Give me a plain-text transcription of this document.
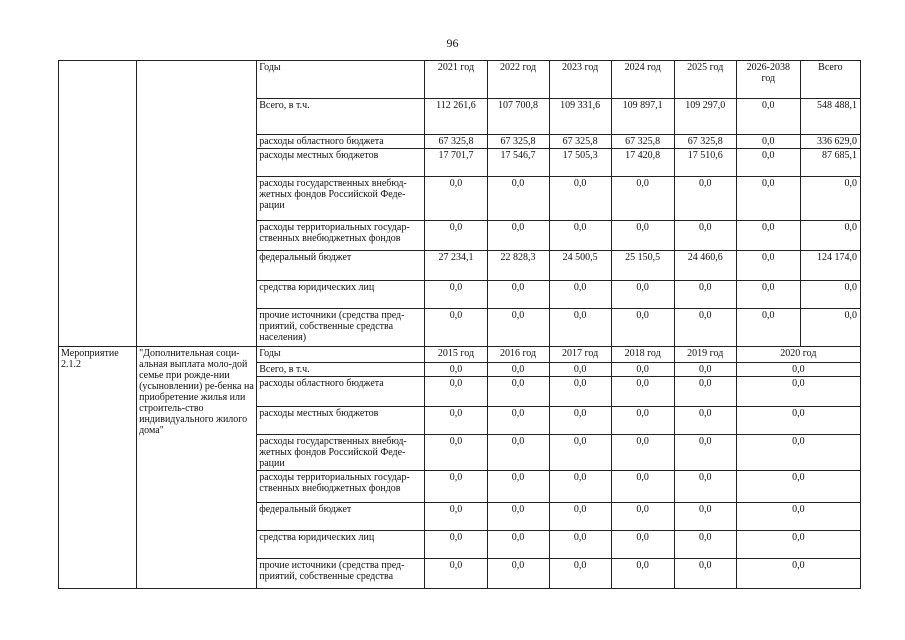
96
		Годы	2021 год	2022 год	2023 год	2024 год	2025 год	2026-2038 год	Всего
		Всего, в т.ч.	112 261,6	107 700,8	109 331,6	109 897,1	109 297,0	0,0	548 488,1
		расходы областного бюджета	67 325,8	67 325,8	67 325,8	67 325,8	67 325,8	0,0	336 629,0
		расходы местных бюджетов	17 701,7	17 546,7	17 505,3	17 420,8	17 510,6	0,0	87 685,1
		расходы государственных внебюд-жетных фондов Российской Феде-рации	0,0	0,0	0,0	0,0	0,0	0,0	0,0
		расходы территориальных государ-ственных внебюджетных фондов	0,0	0,0	0,0	0,0	0,0	0,0	0,0
		федеральный бюджет	27 234,1	22 828,3	24 500,5	25 150,5	24 460,6	0,0	124 174,0
		средства юридических лиц	0,0	0,0	0,0	0,0	0,0	0,0	0,0
		прочие источники (средства пред-приятий, собственные средства населения)	0,0	0,0	0,0	0,0	0,0	0,0	0,0
Мероприятие 2.1.2	"Дополнительная соци-альная выплата моло-дой семье при рожде-нии (усыновлении) ре-бенка на приобретение жилья или строитель-ство индивидуального жилого дома"	Годы	2015 год	2016 год	2017 год	2018 год	2019 год	2020 год	
		Всего, в т.ч.	0,0	0,0	0,0	0,0	0,0	0,0	
		расходы областного бюджета	0,0	0,0	0,0	0,0	0,0	0,0	
		расходы местных бюджетов	0,0	0,0	0,0	0,0	0,0	0,0	
		расходы государственных внебюд-жетных фондов Российской Феде-рации	0,0	0,0	0,0	0,0	0,0	0,0	
		расходы территориальных государ-ственных внебюджетных фондов	0,0	0,0	0,0	0,0	0,0	0,0	
		федеральный бюджет	0,0	0,0	0,0	0,0	0,0	0,0	
		средства юридических лиц	0,0	0,0	0,0	0,0	0,0	0,0	
		прочие источники (средства пред-приятий, собственные средства	0,0	0,0	0,0	0,0	0,0	0,0	
